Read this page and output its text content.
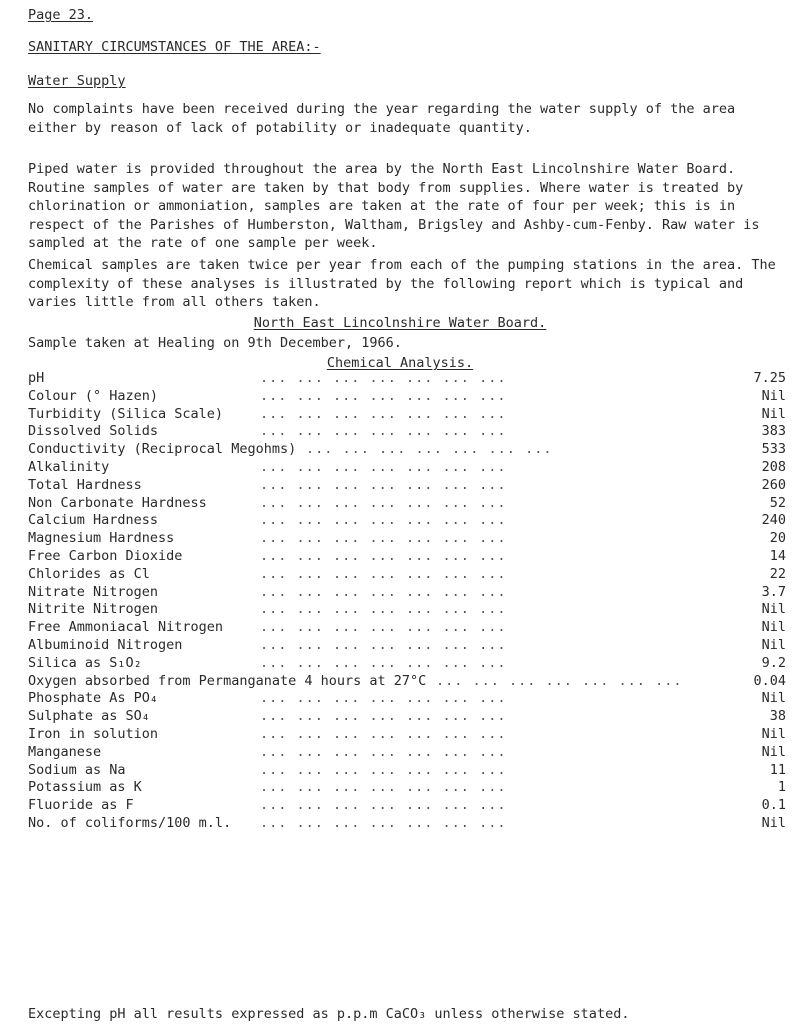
Page 23.
SANITARY CIRCUMSTANCES OF THE AREA:-
Water Supply

No complaints have been received during the year regarding the water supply of the area either by reason of lack of potability or inadequate quantity.

Piped water is provided throughout the area by the North East Lincolnshire Water Board. Routine samples of water are taken by that body from supplies. Where water is treated by chlorination or ammoniation, samples are taken at the rate of four per week; this is in respect of the Parishes of Humberston, Waltham, Brigsley and Ashby-cum-Fenby. Raw water is sampled at the rate of one sample per week.

Chemical samples are taken twice per year from each of the pumping stations in the area. The complexity of these analyses is illustrated by the following report which is typical and varies little from all others taken.

North East Lincolnshire Water Board.
Sample taken at Healing on 9th December, 1966.
Chemical Analysis.
pH	... ... ... ... ... ... ...	7.25
Colour (° Hazen)	... ... ... ... ... ... ...	Nil
Turbidity (Silica Scale)	... ... ... ... ... ... ...	Nil
Dissolved Solids	... ... ... ... ... ... ...	383
Conductivity (Reciprocal Megohms) ... ... ... ... ... ... ...	533
Alkalinity	... ... ... ... ... ... ...	208
Total Hardness	... ... ... ... ... ... ...	260
Non Carbonate Hardness	... ... ... ... ... ... ...	52
Calcium Hardness	... ... ... ... ... ... ...	240
Magnesium Hardness	... ... ... ... ... ... ...	20
Free Carbon Dioxide	... ... ... ... ... ... ...	14
Chlorides as Cl	... ... ... ... ... ... ...	22
Nitrate Nitrogen	... ... ... ... ... ... ...	3.7
Nitrite Nitrogen	... ... ... ... ... ... ...	Nil
Free Ammoniacal Nitrogen	... ... ... ... ... ... ...	Nil
Albuminoid Nitrogen	... ... ... ... ... ... ...	Nil
Silica as S₁O₂	... ... ... ... ... ... ...	9.2
Oxygen absorbed from Permanganate 4 hours at 27°C ... ... ... ... ... ... ...	0.04
Phosphate As PO₄	... ... ... ... ... ... ...	Nil
Sulphate as SO₄	... ... ... ... ... ... ...	38
Iron in solution	... ... ... ... ... ... ...	Nil
Manganese	... ... ... ... ... ... ...	Nil
Sodium as Na	... ... ... ... ... ... ...	11
Potassium as K	... ... ... ... ... ... ...	1
Fluoride as F	... ... ... ... ... ... ...	0.1
No. of coliforms/100 m.l. ... ... ... ... ... ... ...	Nil
Excepting pH all results expressed as p.p.m CaCO₃ unless otherwise stated.
